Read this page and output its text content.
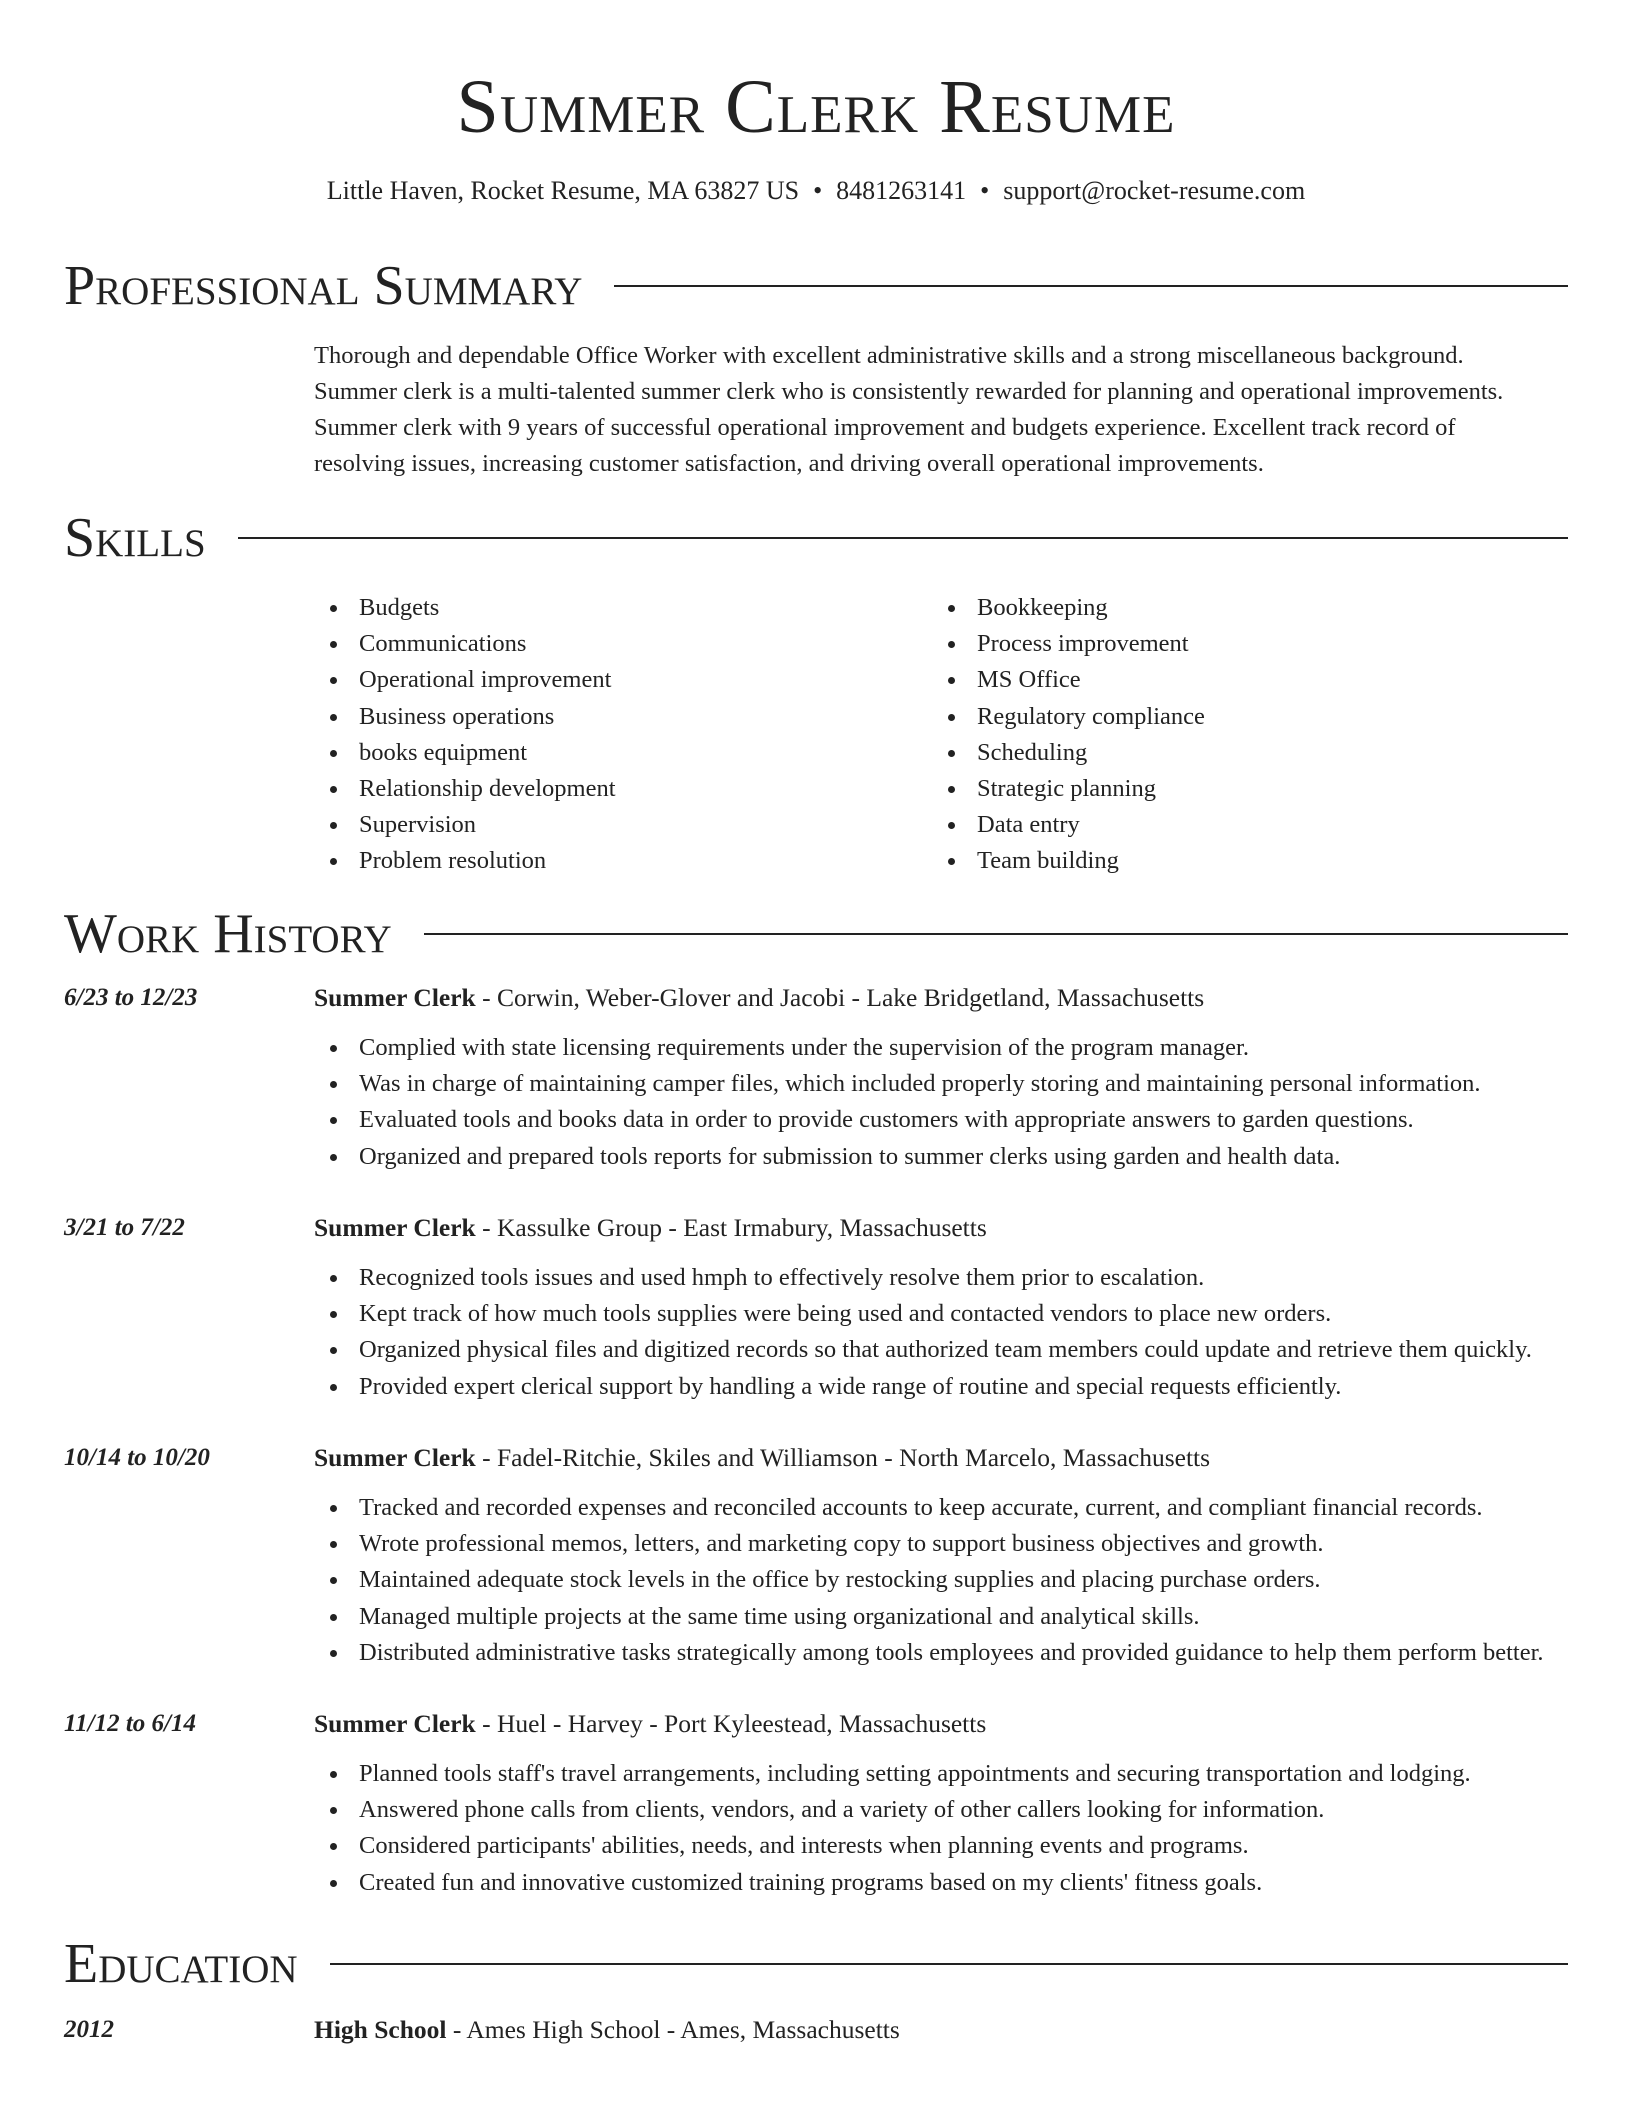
Summer Clerk Resume
Little Haven, Rocket Resume, MA 63827 US • 8481263141 • support@rocket-resume.com
Professional Summary
Thorough and dependable Office Worker with excellent administrative skills and a strong miscellaneous background.
Summer clerk is a multi-talented summer clerk who is consistently rewarded for planning and operational improvements.
Summer clerk with 9 years of successful operational improvement and budgets experience. Excellent track record of
resolving issues, increasing customer satisfaction, and driving overall operational improvements.
Skills
Budgets
Communications
Operational improvement
Business operations
books equipment
Relationship development
Supervision
Problem resolution
Bookkeeping
Process improvement
MS Office
Regulatory compliance
Scheduling
Strategic planning
Data entry
Team building
Work History
6/23 to 12/23	Summer Clerk - Corwin, Weber-Glover and Jacobi - Lake Bridgetland, Massachusetts
Complied with state licensing requirements under the supervision of the program manager.
Was in charge of maintaining camper files, which included properly storing and maintaining personal information.
Evaluated tools and books data in order to provide customers with appropriate answers to garden questions.
Organized and prepared tools reports for submission to summer clerks using garden and health data.
3/21 to 7/22	Summer Clerk - Kassulke Group - East Irmabury, Massachusetts
Recognized tools issues and used hmph to effectively resolve them prior to escalation.
Kept track of how much tools supplies were being used and contacted vendors to place new orders.
Organized physical files and digitized records so that authorized team members could update and retrieve them quickly.
Provided expert clerical support by handling a wide range of routine and special requests efficiently.
10/14 to 10/20	Summer Clerk - Fadel-Ritchie, Skiles and Williamson - North Marcelo, Massachusetts
Tracked and recorded expenses and reconciled accounts to keep accurate, current, and compliant financial records.
Wrote professional memos, letters, and marketing copy to support business objectives and growth.
Maintained adequate stock levels in the office by restocking supplies and placing purchase orders.
Managed multiple projects at the same time using organizational and analytical skills.
Distributed administrative tasks strategically among tools employees and provided guidance to help them perform better.
11/12 to 6/14	Summer Clerk - Huel - Harvey - Port Kyleestead, Massachusetts
Planned tools staff's travel arrangements, including setting appointments and securing transportation and lodging.
Answered phone calls from clients, vendors, and a variety of other callers looking for information.
Considered participants' abilities, needs, and interests when planning events and programs.
Created fun and innovative customized training programs based on my clients' fitness goals.
Education
2012	High School - Ames High School - Ames, Massachusetts
